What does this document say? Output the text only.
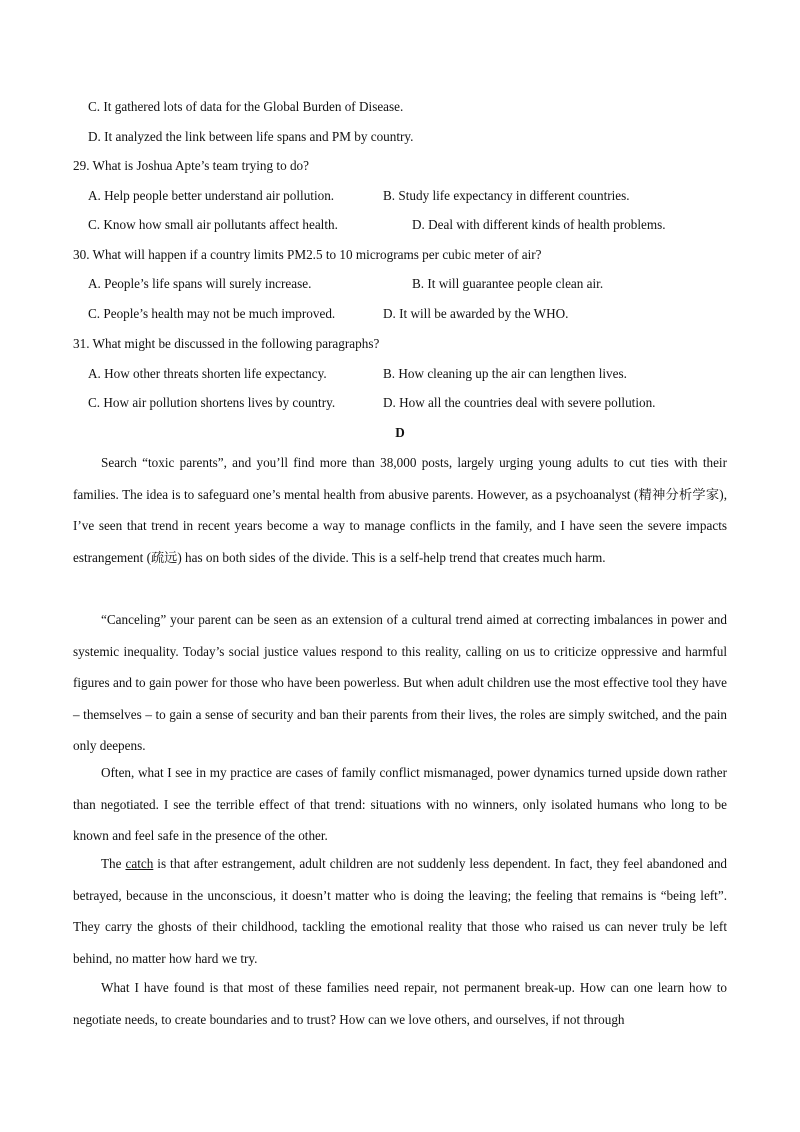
C. It gathered lots of data for the Global Burden of Disease.
D. It analyzed the link between life spans and PM by country.
29. What is Joshua Apte’s team trying to do?
A. Help people better understand air pollution.	B. Study life expectancy in different countries.
C. Know how small air pollutants affect health.	D. Deal with different kinds of health problems.
30. What will happen if a country limits PM2.5 to 10 micrograms per cubic meter of air?
A. People’s life spans will surely increase.	B. It will guarantee people clean air.
C. People’s health may not be much improved.	D. It will be awarded by the WHO.
31. What might be discussed in the following paragraphs?
A. How other threats shorten life expectancy.	B. How cleaning up the air can lengthen lives.
C. How air pollution shortens lives by country.	D. How all the countries deal with severe pollution.
D
Search “toxic parents”, and you’ll find more than 38,000 posts, largely urging young adults to cut ties with their families. The idea is to safeguard one’s mental health from abusive parents. However, as a psychoanalyst (精神分析学家), I’ve seen that trend in recent years become a way to manage conflicts in the family, and I have seen the severe impacts estrangement (疏远) has on both sides of the divide. This is a self-help trend that creates much harm.
“Canceling” your parent can be seen as an extension of a cultural trend aimed at correcting imbalances in power and systemic inequality. Today’s social justice values respond to this reality, calling on us to criticize oppressive and harmful figures and to gain power for those who have been powerless. But when adult children use the most effective tool they have – themselves – to gain a sense of security and ban their parents from their lives, the roles are simply switched, and the pain only deepens.
Often, what I see in my practice are cases of family conflict mismanaged, power dynamics turned upside down rather than negotiated. I see the terrible effect of that trend: situations with no winners, only isolated humans who long to be known and feel safe in the presence of the other.
The catch is that after estrangement, adult children are not suddenly less dependent. In fact, they feel abandoned and betrayed, because in the unconscious, it doesn’t matter who is doing the leaving; the feeling that remains is “being left”. They carry the ghosts of their childhood, tackling the emotional reality that those who raised us can never truly be left behind, no matter how hard we try.
What I have found is that most of these families need repair, not permanent break-up. How can one learn how to negotiate needs, to create boundaries and to trust? How can we love others, and ourselves, if not through
